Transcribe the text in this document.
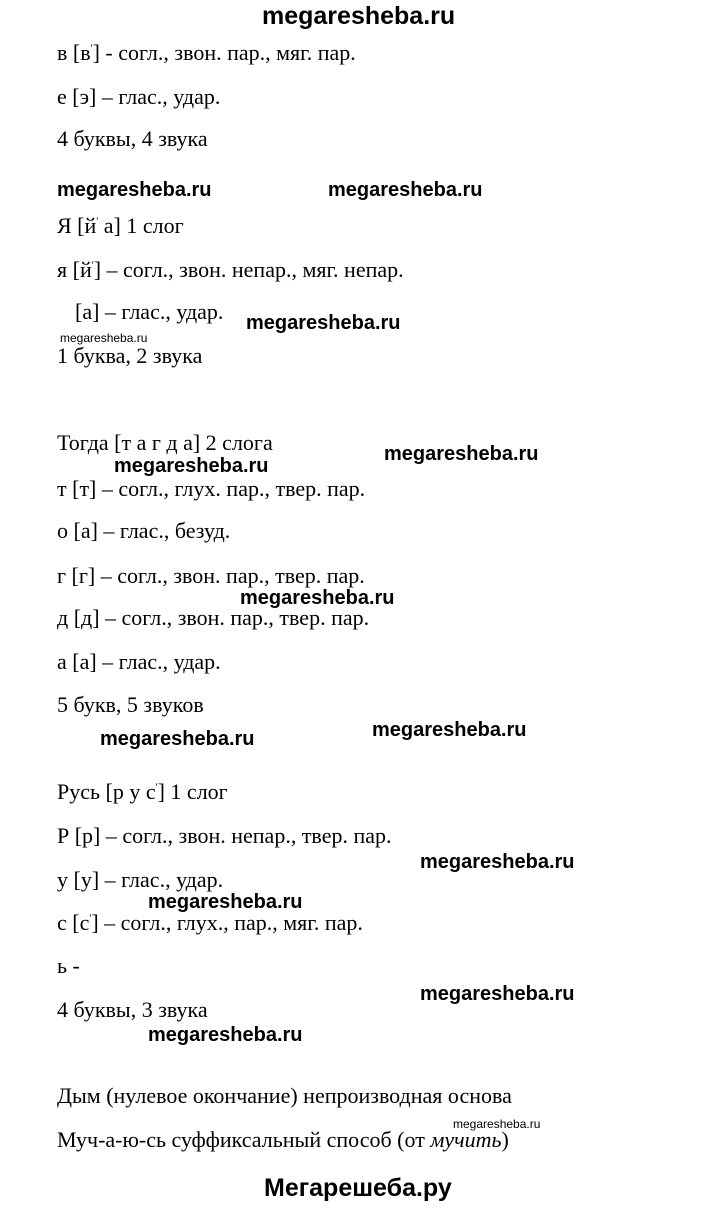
megaresheba.ru
в [в'] - согл., звон. пар., мяг. пар.
е [э] – глас., удар.
4 буквы, 4 звука
megaresheba.ru	megaresheba.ru
Я [й' а] 1 слог
я [й'] – согл., звон. непар., мяг. непар.
[а] – глас., удар.
megaresheba.ru
megaresheba.ru
1 буква, 2 звука
Тогда [т а г д а] 2 слога	megaresheba.ru
megaresheba.ru
т [т] – согл., глух. пар., твер. пар.
о [а] – глас., безуд.
г [г] – согл., звон. пар., твер. пар.
megaresheba.ru
д [д] – согл., звон. пар., твер. пар.
а [а] – глас., удар.
5 букв, 5 звуков
megaresheba.ru
megaresheba.ru
Русь [р у с'] 1 слог
Р [р] – согл., звон. непар., твер. пар.
megaresheba.ru
у [у] – глас., удар.
megaresheba.ru
с [с'] – согл., глух., пар., мяг. пар.
ь -
megaresheba.ru
4 буквы, 3 звука
megaresheba.ru
Дым (нулевое окончание) непроизводная основа
megaresheba.ru
Муч-а-ю-сь суффиксальный способ (от мучить)
Мегарешеба.ру
